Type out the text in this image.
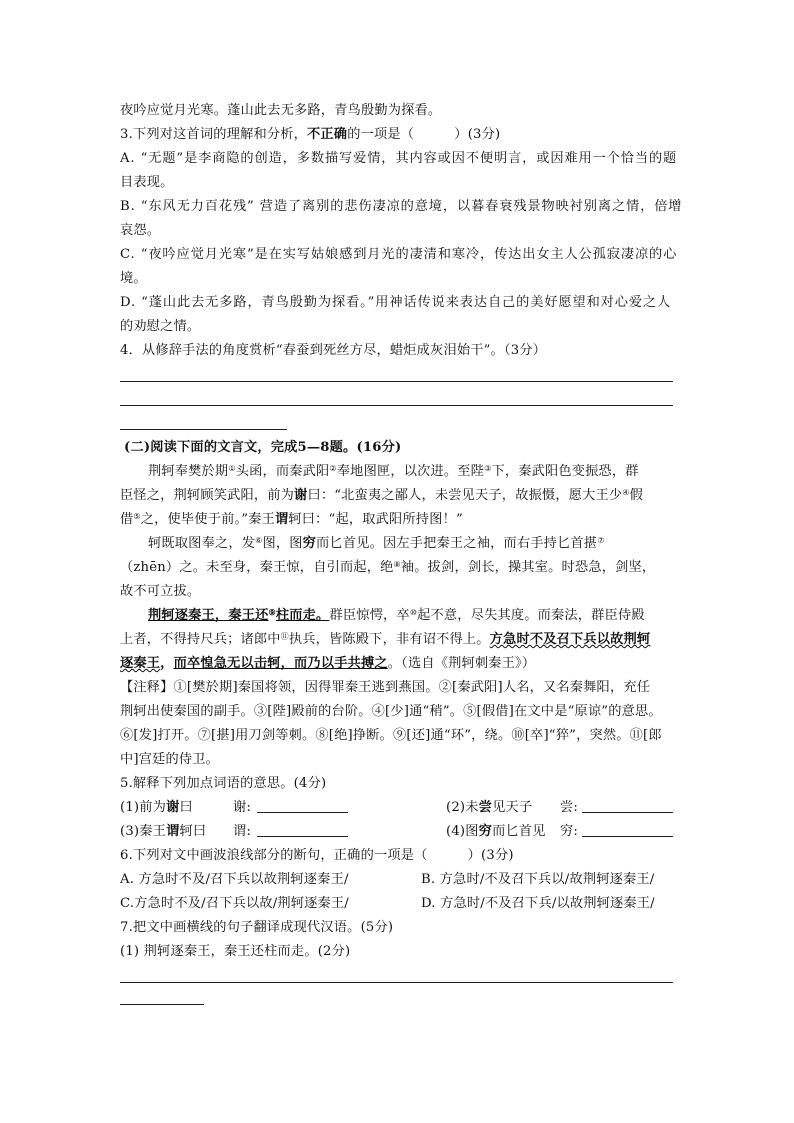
夜吟应觉月光寒。蓬山此去无多路，青鸟殷勤为探看。
3.下列对这首词的理解和分析，不正确的一项是（　　　）(3分)
A. “无题”是李商隐的创造，多数描写爱情，其内容或因不便明言，或因难用一个恰当的题
目表现。
B. “东风无力百花残” 营造了离别的悲伤凄凉的意境，以暮春衰残景物映衬别离之情，倍增
哀怨。
C. “夜吟应觉月光寒”是在实写姑娘感到月光的凄清和寒冷，传达出女主人公孤寂凄凉的心
境。
D. “蓬山此去无多路，青鸟殷勤为探看。”用神话传说来表达自己的美好愿望和对心爱之人
的劝慰之情。
4．从修辞手法的角度赏析“春蚕到死丝方尽，蜡炬成灰泪始干”。（3分）
(二)阅读下面的文言文，完成5—8题。(16分)
荆轲奉樊於期①头函，而秦武阳②奉地图匣，以次进。至陛③下，秦武阳色变振恐，群
臣怪之，荆轲顾笑武阳，前为谢曰：“北蛮夷之鄙人，未尝见天子，故振慑，愿大王少④假
借⑤之，使毕使于前。”秦王谓轲曰：“起，取武阳所持图！”
轲既取图奉之，发⑥图，图穷而匕首见。因左手把秦王之袖，而右手持匕首揕⑦
（zhēn）之。未至身，秦王惊，自引而起，绝⑧袖。拔剑，剑长，操其室。时恐急，剑坚，
故不可立拔。
荆轲逐秦王，秦王还⑨柱而走。群臣惊愕，卒⑩起不意，尽失其度。而秦法，群臣侍殿
上者，不得持尺兵；诸郎中⑪执兵，皆陈殿下，非有诏不得上。方急时不及召下兵以故荆轲
逐秦王，而卒惶急无以击轲，而乃以手共搏之。（选自《荆轲刺秦王》）
【注释】①[樊於期]秦国将领，因得罪秦王逃到燕国。②[秦武阳]人名，又名秦舞阳，充任
荆轲出使秦国的副手。③[陛]殿前的台阶。④[少]通“稍”。⑤[假借]在文中是“原谅”的意思。
⑥[发]打开。⑦[揕]用刀剑等刺。⑧[绝]挣断。⑨[还]通“环”，绕。⑩[卒]“猝”，突然。⑪[郎
中]宫廷的侍卫。
5.解释下列加点词语的意思。(4分)
(1)前为谢曰	谢:	(2)未尝见天子 尝:
(3)秦王谓轲曰 谓:	(4)图穷而匕首见 穷:
6.下列对文中画波浪线部分的断句，正确的一项是（　　　）(3分)
A. 方急时不及/召下兵以故荆轲逐秦王/	B. 方急时/不及召下兵以/故荆轲逐秦王/
C.方急时不及/召下兵以故/荆轲逐秦王/	D. 方急时/不及召下兵/以故荆轲逐秦王/
7.把文中画横线的句子翻译成现代汉语。(5分)
(1) 荆轲逐秦王，秦王还柱而走。(2分)
